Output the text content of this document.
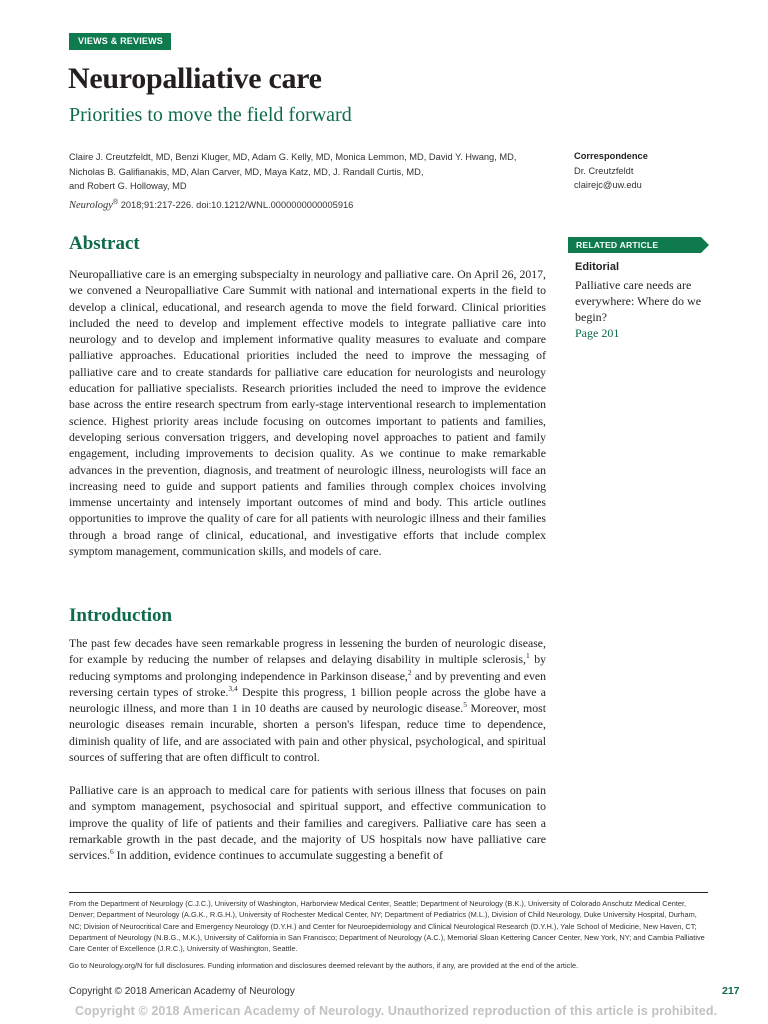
VIEWS & REVIEWS
Neuropalliative care
Priorities to move the field forward
Claire J. Creutzfeldt, MD, Benzi Kluger, MD, Adam G. Kelly, MD, Monica Lemmon, MD, David Y. Hwang, MD,
Nicholas B. Galifianakis, MD, Alan Carver, MD, Maya Katz, MD, J. Randall Curtis, MD,
and Robert G. Holloway, MD
Neurology® 2018;91:217-226. doi:10.1212/WNL.0000000000005916
Correspondence
Dr. Creutzfeldt
clairejc@uw.edu
RELATED ARTICLE
Editorial
Palliative care needs are everywhere: Where do we begin?
Page 201
Abstract

Neuropalliative care is an emerging subspecialty in neurology and palliative care. On April 26, 2017, we convened a Neuropalliative Care Summit with national and international experts in the field to develop a clinical, educational, and research agenda to move the field forward. Clinical priorities included the need to develop and implement effective models to integrate palliative care into neurology and to develop and implement informative quality measures to evaluate and compare palliative approaches. Educational priorities included the need to improve the messaging of palliative care and to create standards for palliative care education for neurologists and neurology education for palliative specialists. Research priorities included the need to improve the evidence base across the entire research spectrum from early-stage interventional research to implementation science. Highest priority areas include focusing on outcomes important to patients and families, developing serious conversation triggers, and developing novel approaches to patient and family engagement, including improvements to decision quality. As we continue to make remarkable advances in the prevention, diagnosis, and treatment of neurologic illness, neurologists will face an increasing need to guide and support patients and families through complex choices involving immense uncertainty and intensely important outcomes of mind and body. This article outlines opportunities to improve the quality of care for all patients with neurologic illness and their families through a broad range of clinical, educational, and investigative efforts that include complex symptom management, communication skills, and models of care.

Introduction

The past few decades have seen remarkable progress in lessening the burden of neurologic disease, for example by reducing the number of relapses and delaying disability in multiple sclerosis,$^1$ by reducing symptoms and prolonging independence in Parkinson disease,$^2$ and by preventing and even reversing certain types of stroke.$^{3,4}$ Despite this progress, 1 billion people across the globe have a neurologic illness, and more than 1 in 10 deaths are caused by neurologic disease.$^5$ Moreover, most neurologic diseases remain incurable, shorten a person's lifespan, reduce time to dependence, diminish quality of life, and are associated with pain and other physical, psychological, and spiritual sources of suffering that are often difficult to control.

Palliative care is an approach to medical care for patients with serious illness that focuses on pain and symptom management, psychosocial and spiritual support, and effective communication to improve the quality of life of patients and their families and caregivers. Palliative care has seen a remarkable growth in the past decade, and the majority of US hospitals now have palliative care services.$^6$ In addition, evidence continues to accumulate suggesting a benefit of

From the Department of Neurology (C.J.C.), University of Washington, Harborview Medical Center, Seattle; Department of Neurology (B.K.), University of Colorado Anschutz Medical Center, Denver; Department of Neurology (A.G.K., R.G.H.), University of Rochester Medical Center, NY; Department of Pediatrics (M.L.), Division of Child Neurology, Duke University Hospital, Durham, NC; Division of Neurocritical Care and Emergency Neurology (D.Y.H.) and Center for Neuroepidemiology and Clinical Neurological Research (D.Y.H.), Yale School of Medicine, New Haven, CT; Department of Neurology (N.B.G., M.K.), University of California in San Francisco; Department of Neurology (A.C.), Memorial Sloan Kettering Cancer Center, New York, NY; and Cambia Palliative Care Center of Excellence (J.R.C.), University of Washington, Seattle.
Go to Neurology.org/N for full disclosures. Funding information and disclosures deemed relevant by the authors, if any, are provided at the end of the article.
Copyright © 2018 American Academy of Neurology	217
Copyright © 2018 American Academy of Neurology. Unauthorized reproduction of this article is prohibited.
